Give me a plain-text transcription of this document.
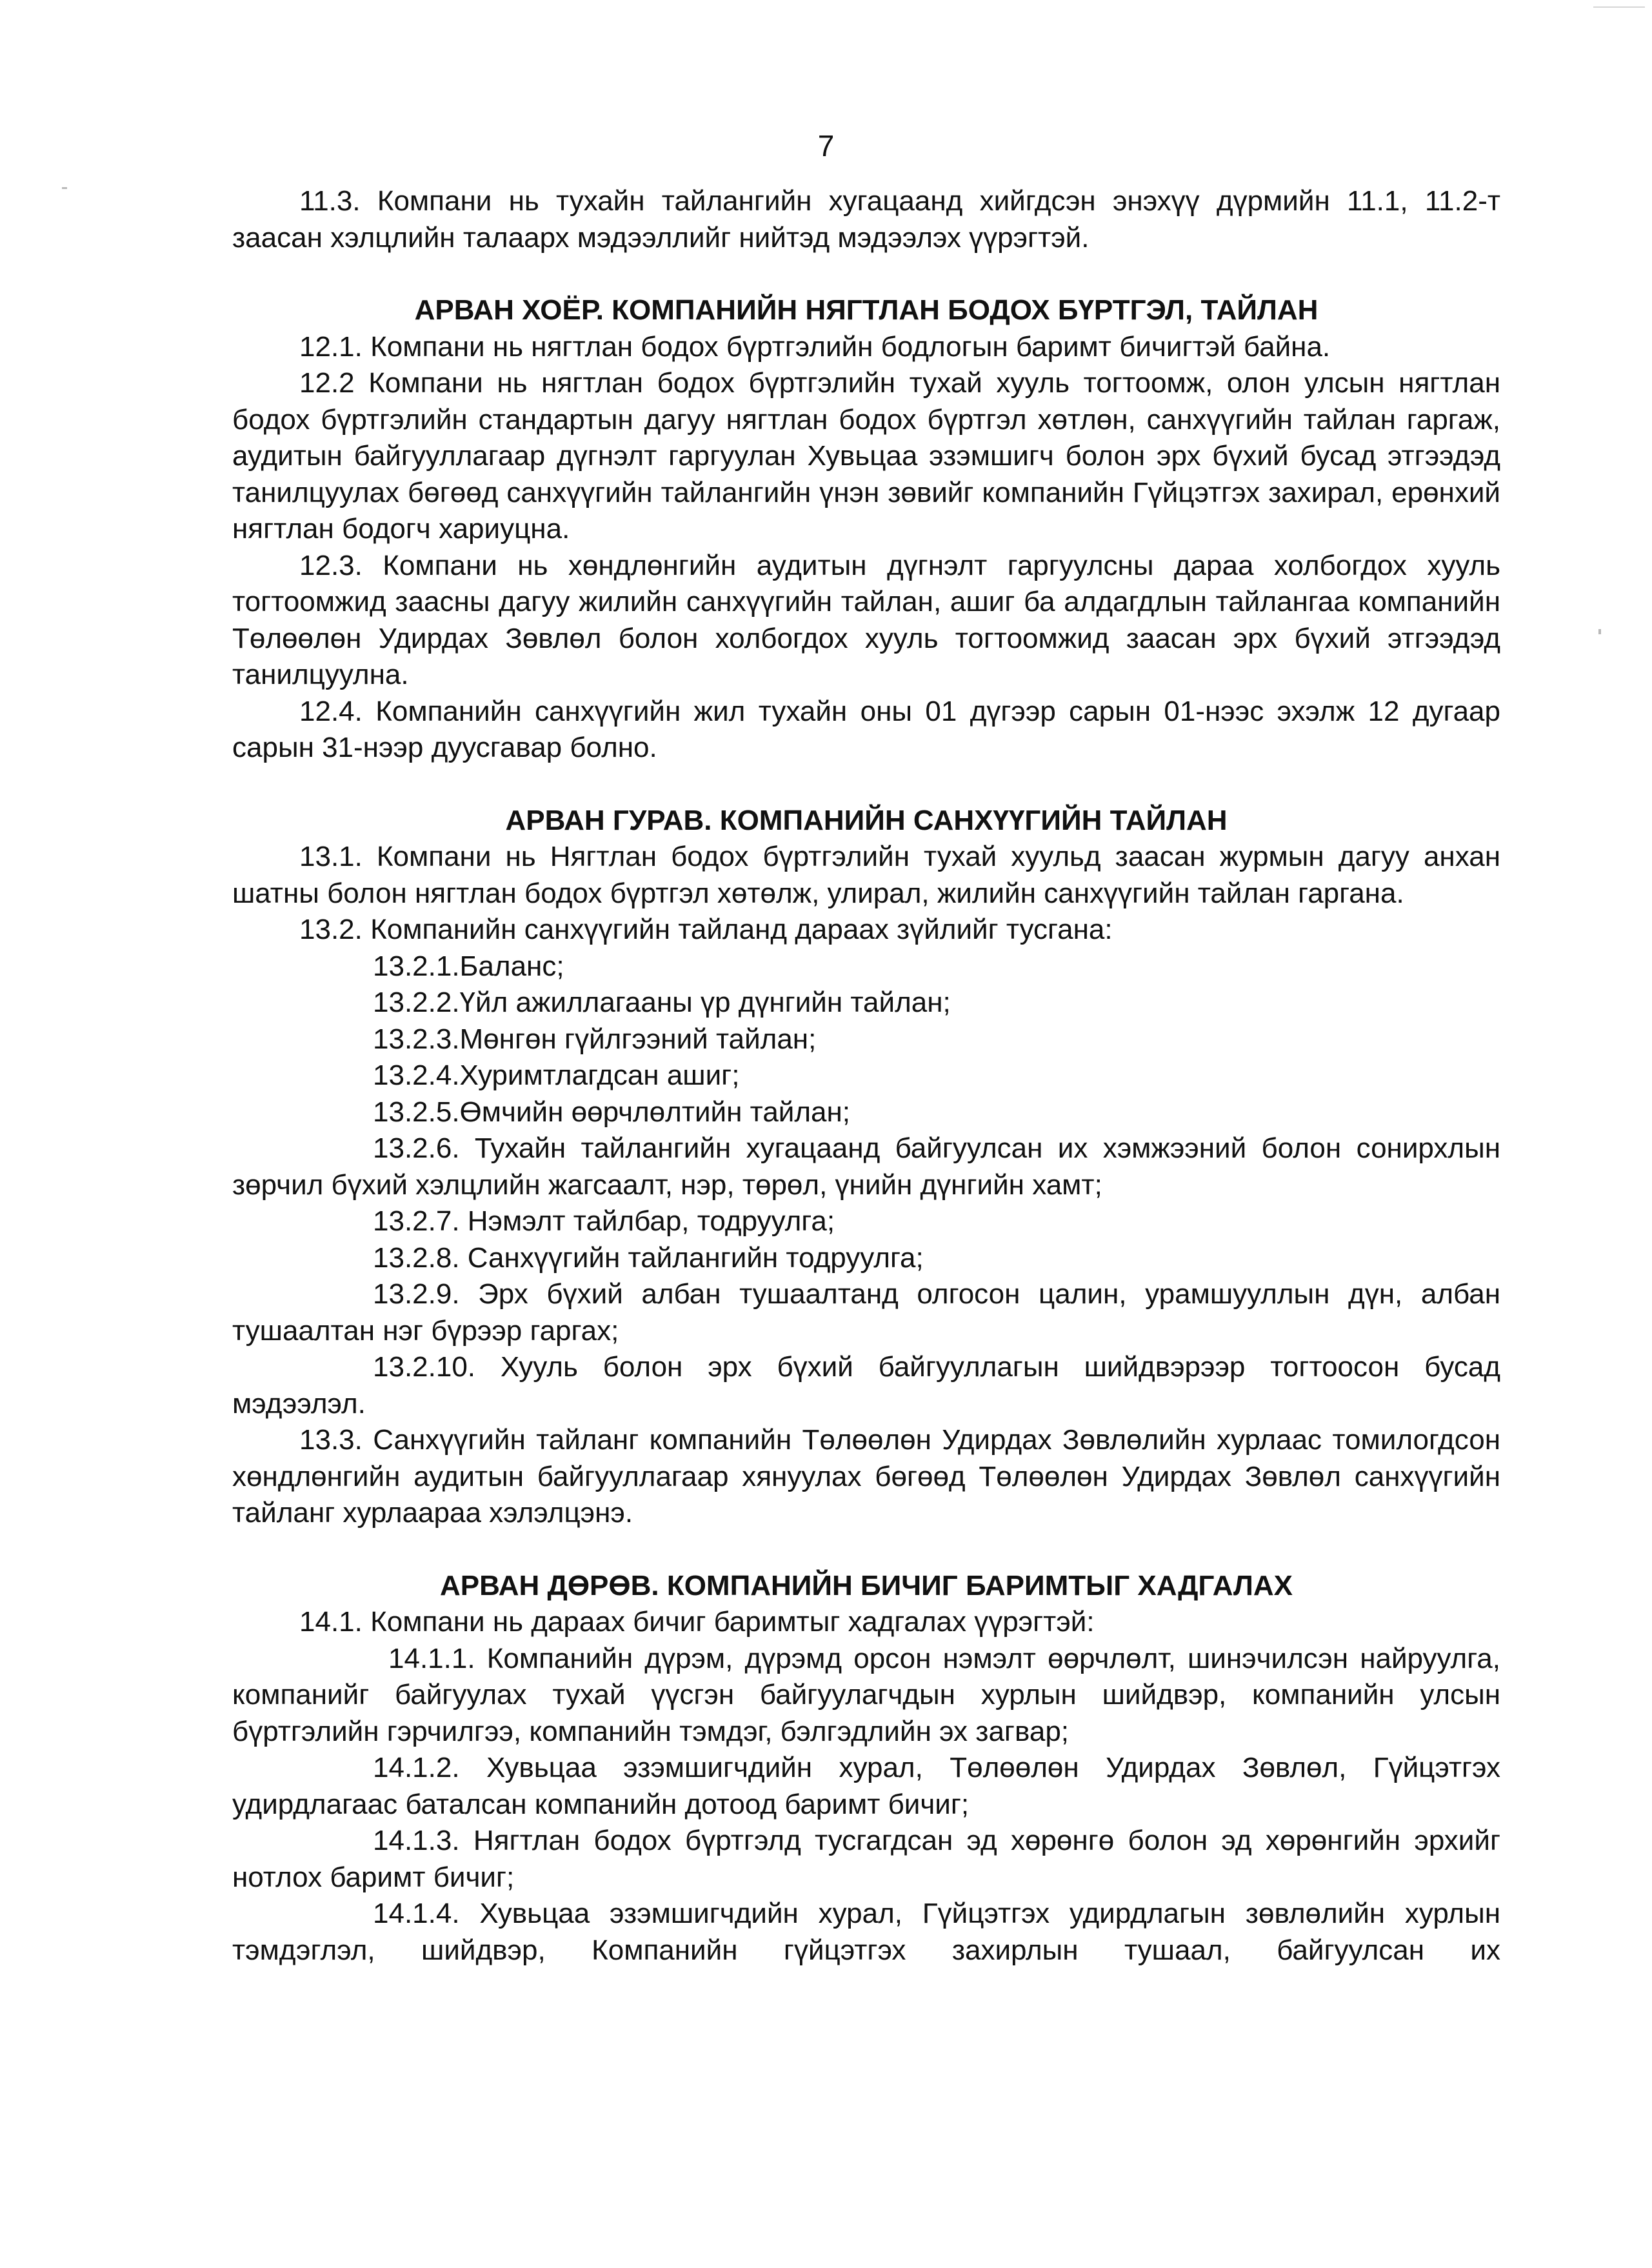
7

11.3. Компани нь тухайн тайлангийн хугацаанд хийгдсэн энэхүү дүрмийн 11.1, 11.2-т заасан хэлцлийн талаарх мэдээллийг нийтэд мэдээлэх үүрэгтэй.

АРВАН ХОЁР. КОМПАНИЙН НЯГТЛАН БОДОХ БҮРТГЭЛ, ТАЙЛАН

12.1. Компани нь нягтлан бодох бүртгэлийн бодлогын баримт бичигтэй байна.

12.2 Компани нь нягтлан бодох бүртгэлийн тухай хууль тогтоомж, олон улсын нягтлан бодох бүртгэлийн стандартын дагуу нягтлан бодох бүртгэл хөтлөн, санхүүгийн тайлан гаргаж, аудитын байгууллагаар дүгнэлт гаргуулан Хувьцаа эзэмшигч болон эрх бүхий бусад этгээдэд танилцуулах бөгөөд санхүүгийн тайлангийн үнэн зөвийг компанийн Гүйцэтгэх захирал, ерөнхий нягтлан бодогч хариуцна.

12.3. Компани нь хөндлөнгийн аудитын дүгнэлт гаргуулсны дараа холбогдох хууль тогтоомжид заасны дагуу жилийн санхүүгийн тайлан, ашиг ба алдагдлын тайлангаа компанийн Төлөөлөн Удирдах Зөвлөл болон холбогдох хууль тогтоомжид заасан эрх бүхий этгээдэд танилцуулна.

12.4. Компанийн санхүүгийн жил тухайн оны 01 дүгээр сарын 01-нээс эхэлж 12 дугаар сарын 31-нээр дуусгавар болно.

АРВАН ГУРАВ. КОМПАНИЙН САНХҮҮГИЙН ТАЙЛАН

13.1. Компани нь Нягтлан бодох бүртгэлийн тухай хуульд заасан журмын дагуу анхан шатны болон нягтлан бодох бүртгэл хөтөлж, улирал, жилийн санхүүгийн тайлан гаргана.

13.2. Компанийн санхүүгийн тайланд дараах зүйлийг тусгана:

13.2.1.Баланс;

13.2.2.Үйл ажиллагааны үр дүнгийн тайлан;

13.2.3.Мөнгөн гүйлгээний тайлан;

13.2.4.Хуримтлагдсан ашиг;

13.2.5.Өмчийн өөрчлөлтийн тайлан;

13.2.6. Тухайн тайлангийн хугацаанд байгуулсан их хэмжээний болон сонирхлын зөрчил бүхий хэлцлийн жагсаалт, нэр, төрөл, үнийн дүнгийн хамт;

13.2.7. Нэмэлт тайлбар, тодруулга;

13.2.8. Санхүүгийн тайлангийн тодруулга;

13.2.9. Эрх бүхий албан тушаалтанд олгосон цалин, урамшууллын дүн, албан тушаалтан нэг бүрээр гаргах;

13.2.10. Хууль болон эрх бүхий байгууллагын шийдвэрээр тогтоосон бусад мэдээлэл.

13.3. Санхүүгийн тайланг компанийн Төлөөлөн Удирдах Зөвлөлийн хурлаас томилогдсон хөндлөнгийн аудитын байгууллагаар хянуулах бөгөөд Төлөөлөн Удирдах Зөвлөл санхүүгийн тайланг хурлаараа хэлэлцэнэ.

АРВАН ДӨРӨВ. КОМПАНИЙН БИЧИГ БАРИМТЫГ ХАДГАЛАХ

14.1. Компани нь дараах бичиг баримтыг хадгалах үүрэгтэй:

14.1.1. Компанийн дүрэм, дүрэмд орсон нэмэлт өөрчлөлт, шинэчилсэн найруулга, компанийг байгуулах тухай үүсгэн байгуулагчдын хурлын шийдвэр, компанийн улсын бүртгэлийн гэрчилгээ, компанийн тэмдэг, бэлгэдлийн эх загвар;

14.1.2. Хувьцаа эзэмшигчдийн хурал, Төлөөлөн Удирдах Зөвлөл, Гүйцэтгэх удирдлагаас баталсан компанийн дотоод баримт бичиг;

14.1.3. Нягтлан бодох бүртгэлд тусгагдсан эд хөрөнгө болон эд хөрөнгийн эрхийг нотлох баримт бичиг;

14.1.4. Хувьцаа эзэмшигчдийн хурал, Гүйцэтгэх удирдлагын зөвлөлийн хурлын тэмдэглэл, шийдвэр, Компанийн гүйцэтгэх захирлын тушаал, байгуулсан их
